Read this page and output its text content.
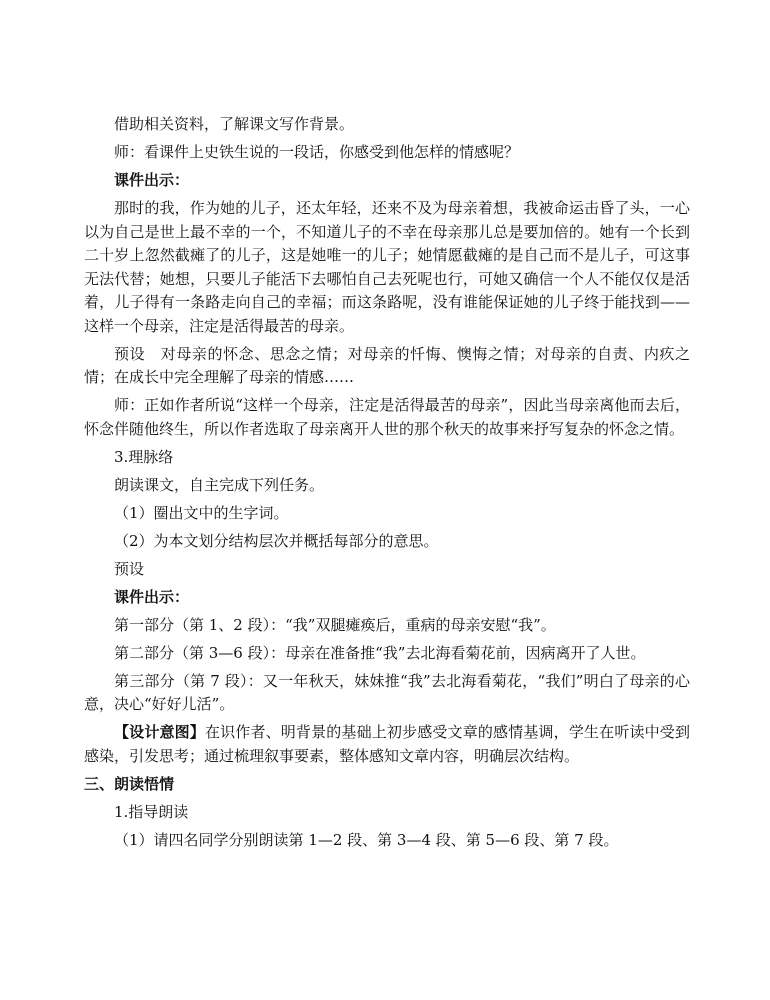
借助相关资料，了解课文写作背景。

师：看课件上史铁生说的一段话，你感受到他怎样的情感呢？

课件出示：

那时的我，作为她的儿子，还太年轻，还来不及为母亲着想，我被命运击昏了头，一心以为自己是世上最不幸的一个，不知道儿子的不幸在母亲那儿总是要加倍的。她有一个长到二十岁上忽然截瘫了的儿子，这是她唯一的儿子；她情愿截瘫的是自己而不是儿子，可这事无法代替；她想，只要儿子能活下去哪怕自己去死呢也行，可她又确信一个人不能仅仅是活着，儿子得有一条路走向自己的幸福；而这条路呢，没有谁能保证她的儿子终于能找到——这样一个母亲，注定是活得最苦的母亲。

预设　对母亲的怀念、思念之情；对母亲的忏悔、懊悔之情；对母亲的自责、内疚之情；在成长中完全理解了母亲的情感……

师：正如作者所说“这样一个母亲，注定是活得最苦的母亲”，因此当母亲离他而去后，怀念伴随他终生，所以作者选取了母亲离开人世的那个秋天的故事来抒写复杂的怀念之情。

3.理脉络

朗读课文，自主完成下列任务。

（1）圈出文中的生字词。

（2）为本文划分结构层次并概括每部分的意思。

预设

课件出示：

第一部分（第 1、2 段）：“我”双腿瘫痪后，重病的母亲安慰“我”。

第二部分（第 3—6 段）：母亲在准备推“我”去北海看菊花前，因病离开了人世。

第三部分（第 7 段）：又一年秋天，妹妹推“我”去北海看菊花，“我们”明白了母亲的心意，决心“好好儿活”。

【设计意图】在识作者、明背景的基础上初步感受文章的感情基调，学生在听读中受到感染，引发思考；通过梳理叙事要素，整体感知文章内容，明确层次结构。

三、朗读悟情

1.指导朗读

（1）请四名同学分别朗读第 1—2 段、第 3—4 段、第 5—6 段、第 7 段。
